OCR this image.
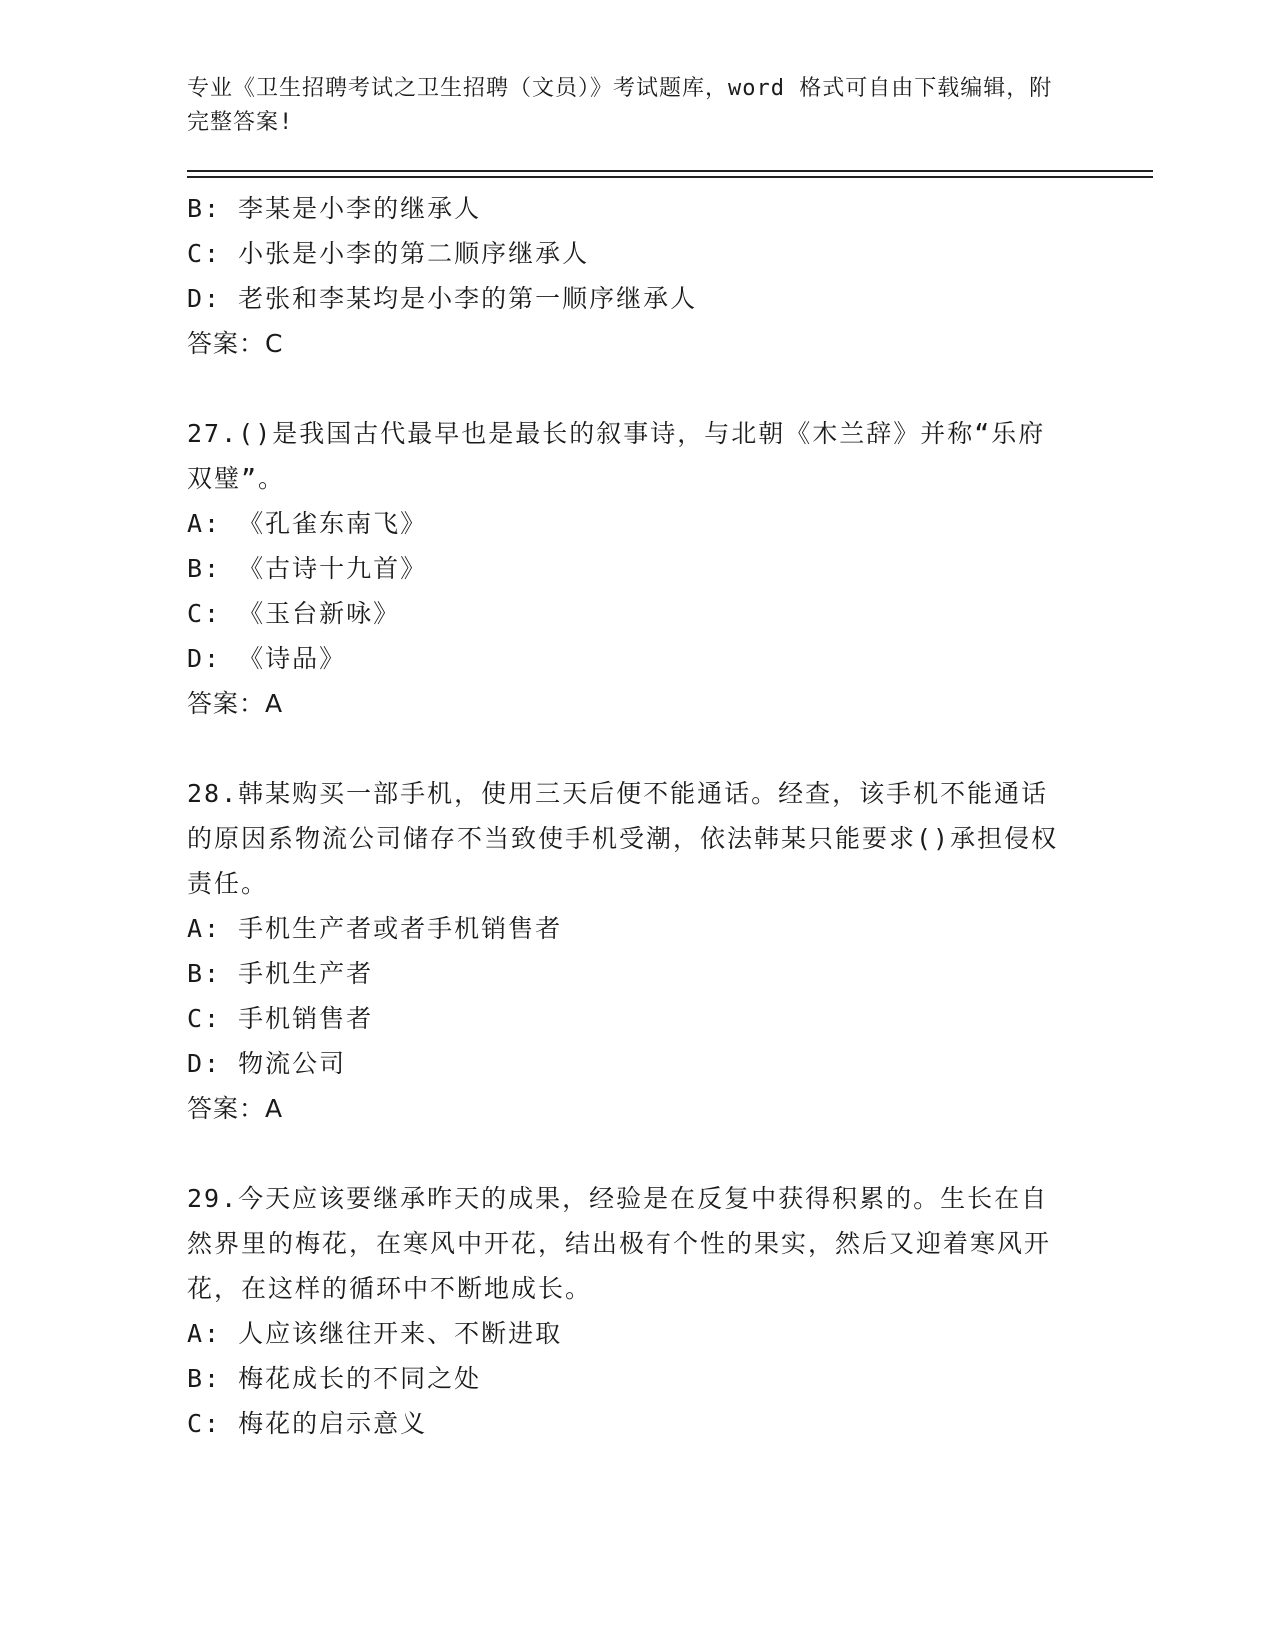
专业《卫生招聘考试之卫生招聘（文员）》考试题库，word 格式可自由下载编辑，附完整答案!
B: 李某是小李的继承人
C: 小张是小李的第二顺序继承人
D: 老张和李某均是小李的第一顺序继承人
答案：C
27.()是我国古代最早也是最长的叙事诗，与北朝《木兰辞》并称“乐府双璧”。
A: 《孔雀东南飞》
B: 《古诗十九首》
C: 《玉台新咏》
D: 《诗品》
答案：A
28.韩某购买一部手机，使用三天后便不能通话。经查，该手机不能通话的原因系物流公司储存不当致使手机受潮，依法韩某只能要求()承担侵权责任。
A: 手机生产者或者手机销售者
B: 手机生产者
C: 手机销售者
D: 物流公司
答案：A
29.今天应该要继承昨天的成果，经验是在反复中获得积累的。生长在自然界里的梅花，在寒风中开花，结出极有个性的果实，然后又迎着寒风开花，在这样的循环中不断地成长。
A: 人应该继往开来、不断进取
B: 梅花成长的不同之处
C: 梅花的启示意义
